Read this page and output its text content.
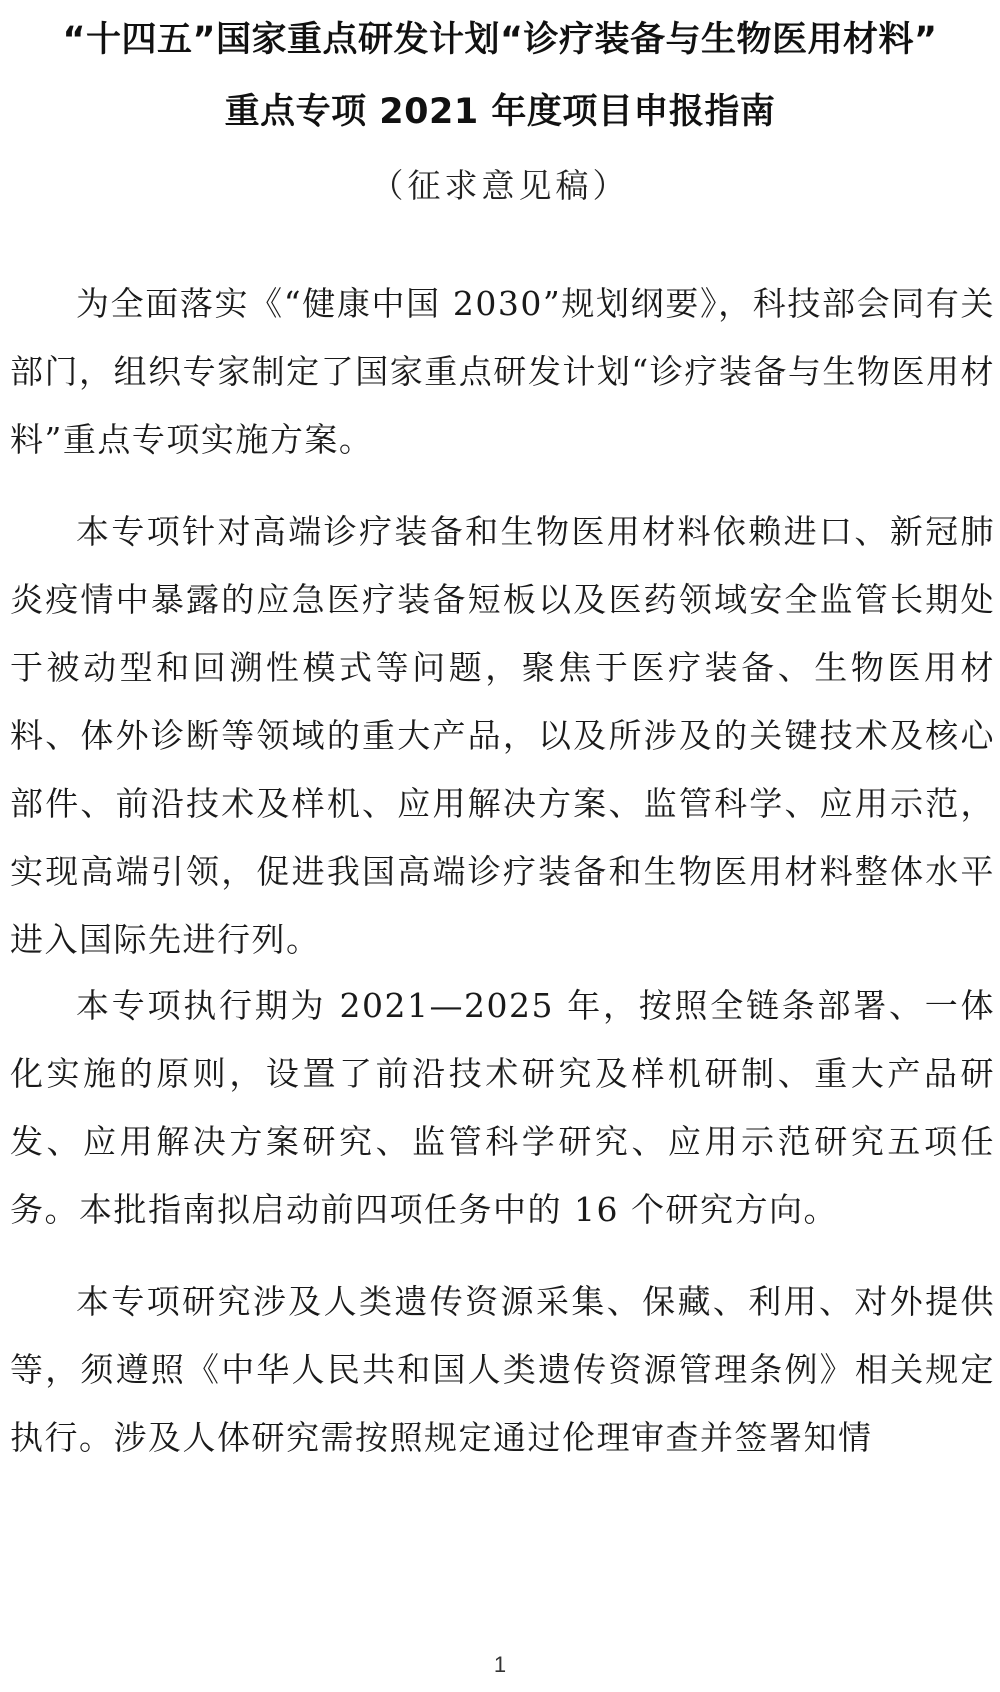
“十四五”国家重点研发计划“诊疗装备与生物医用材料”
重点专项 2021 年度项目申报指南
（征求意见稿）

为全面落实《“健康中国 2030”规划纲要》，科技部会同有关部门，组织专家制定了国家重点研发计划“诊疗装备与生物医用材料”重点专项实施方案。

本专项针对高端诊疗装备和生物医用材料依赖进口、新冠肺炎疫情中暴露的应急医疗装备短板以及医药领域安全监管长期处于被动型和回溯性模式等问题，聚焦于医疗装备、生物医用材料、体外诊断等领域的重大产品，以及所涉及的关键技术及核心部件、前沿技术及样机、应用解决方案、监管科学、应用示范，实现高端引领，促进我国高端诊疗装备和生物医用材料整体水平进入国际先进行列。

本专项执行期为 2021—2025 年，按照全链条部署、一体化实施的原则，设置了前沿技术研究及样机研制、重大产品研发、应用解决方案研究、监管科学研究、应用示范研究五项任务。本批指南拟启动前四项任务中的 16 个研究方向。

本专项研究涉及人类遗传资源采集、保藏、利用、对外提供等，须遵照《中华人民共和国人类遗传资源管理条例》相关规定执行。涉及人体研究需按照规定通过伦理审查并签署知情

1
